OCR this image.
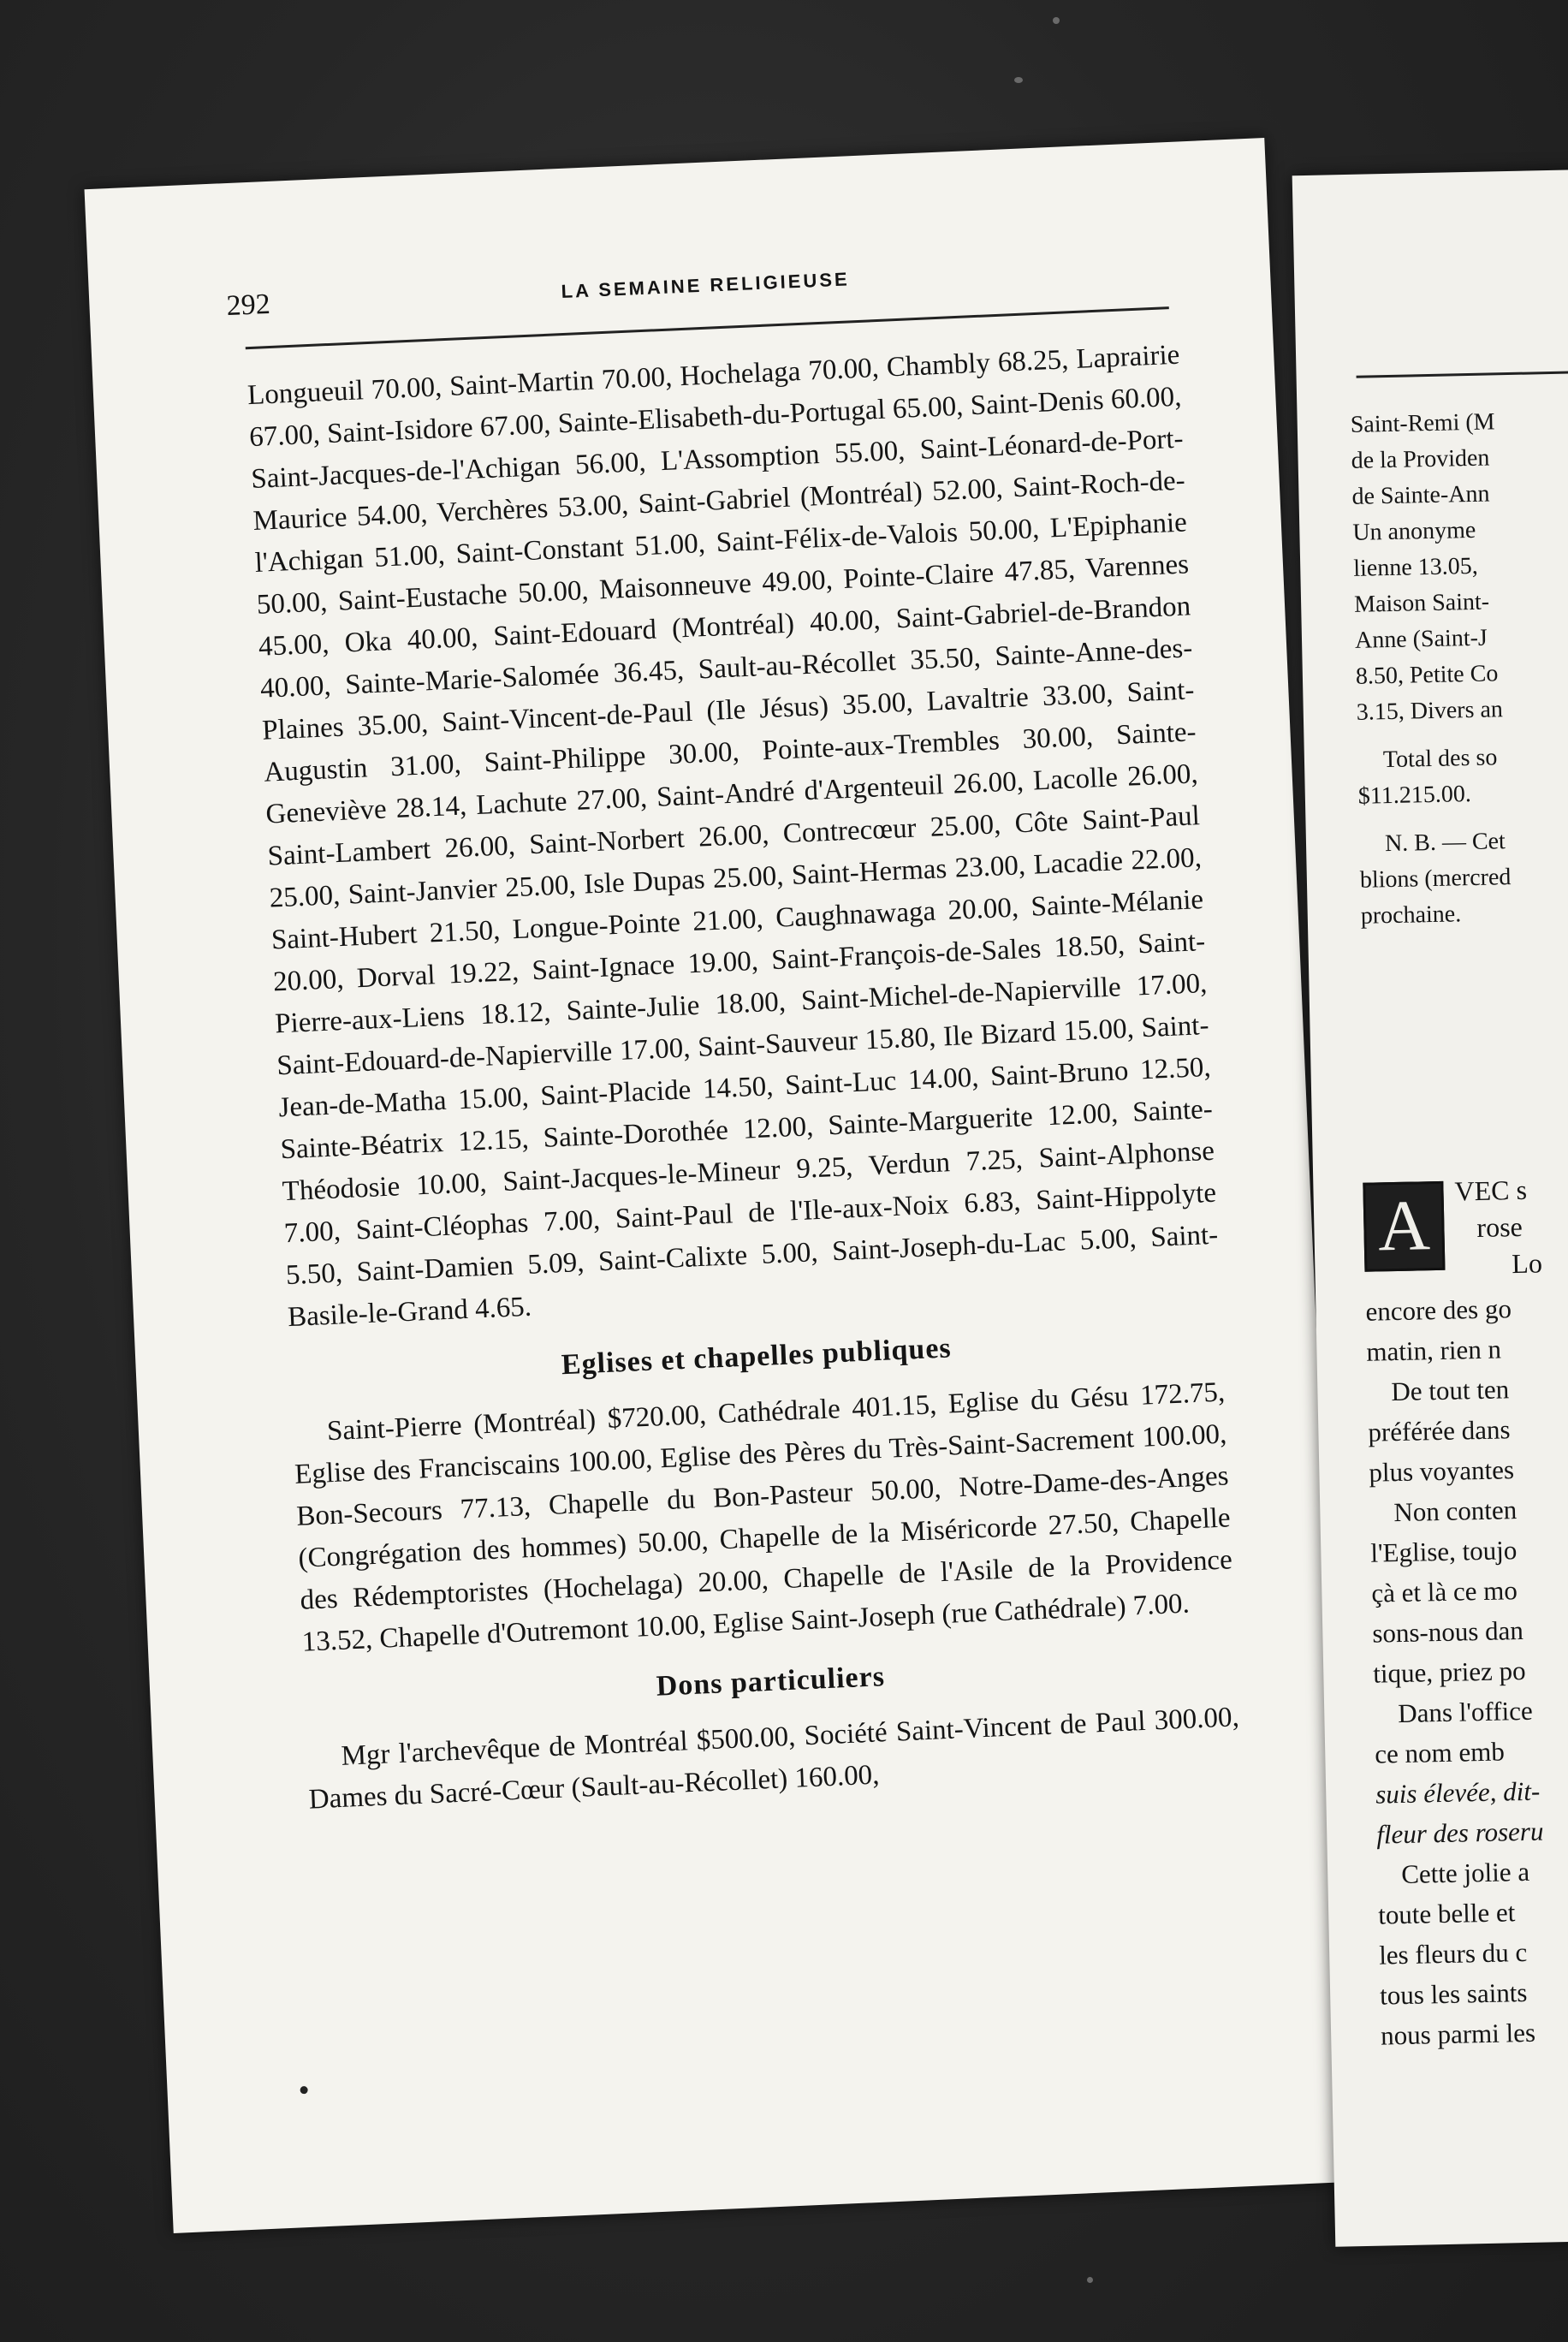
292
LA SEMAINE RELIGIEUSE

Longueuil 70.00, Saint-Martin 70.00, Hochelaga 70.00, Chambly 68.25, Laprairie 67.00, Saint-Isidore 67.00, Sainte-Elisabeth-du-Portugal 65.00, Saint-Denis 60.00, Saint-Jacques-de-l'Achigan 56.00, L'Assomption 55.00, Saint-Léonard-de-Port-Maurice 54.00, Verchères 53.00, Saint-Gabriel (Montréal) 52.00, Saint-Roch-de-l'Achigan 51.00, Saint-Constant 51.00, Saint-Félix-de-Valois 50.00, L'Epiphanie 50.00, Saint-Eustache 50.00, Maisonneuve 49.00, Pointe-Claire 47.85, Varennes 45.00, Oka 40.00, Saint-Edouard (Montréal) 40.00, Saint-Gabriel-de-Brandon 40.00, Sainte-Marie-Salomée 36.45, Sault-au-Récollet 35.50, Sainte-Anne-des-Plaines 35.00, Saint-Vincent-de-Paul (Ile Jésus) 35.00, Lavaltrie 33.00, Saint-Augustin 31.00, Saint-Philippe 30.00, Pointe-aux-Trembles 30.00, Sainte-Geneviève 28.14, Lachute 27.00, Saint-André d'Argenteuil 26.00, Lacolle 26.00, Saint-Lambert 26.00, Saint-Norbert 26.00, Contrecœur 25.00, Côte Saint-Paul 25.00, Saint-Janvier 25.00, Isle Dupas 25.00, Saint-Hermas 23.00, Lacadie 22.00, Saint-Hubert 21.50, Longue-Pointe 21.00, Caughnawaga 20.00, Sainte-Mélanie 20.00, Dorval 19.22, Saint-Ignace 19.00, Saint-François-de-Sales 18.50, Saint-Pierre-aux-Liens 18.12, Sainte-Julie 18.00, Saint-Michel-de-Napierville 17.00, Saint-Edouard-de-Napierville 17.00, Saint-Sauveur 15.80, Ile Bizard 15.00, Saint-Jean-de-Matha 15.00, Saint-Placide 14.50, Saint-Luc 14.00, Saint-Bruno 12.50, Sainte-Béatrix 12.15, Sainte-Dorothée 12.00, Sainte-Marguerite 12.00, Sainte-Théodosie 10.00, Saint-Jacques-le-Mineur 9.25, Verdun 7.25, Saint-Alphonse 7.00, Saint-Cléophas 7.00, Saint-Paul de l'Ile-aux-Noix 6.83, Saint-Hippolyte 5.50, Saint-Damien 5.09, Saint-Calixte 5.00, Saint-Joseph-du-Lac 5.00, Saint-Basile-le-Grand 4.65.

Eglises et chapelles publiques

Saint-Pierre (Montréal) $720.00, Cathédrale 401.15, Eglise du Gésu 172.75, Eglise des Franciscains 100.00, Eglise des Pères du Très-Saint-Sacrement 100.00, Bon-Secours 77.13, Chapelle du Bon-Pasteur 50.00, Notre-Dame-des-Anges (Congrégation des hommes) 50.00, Chapelle de la Miséricorde 27.50, Chapelle des Rédemptoristes (Hochelaga) 20.00, Chapelle de l'Asile de la Providence 13.52, Chapelle d'Outremont 10.00, Eglise Saint-Joseph (rue Cathédrale) 7.00.

Dons particuliers

Mgr l'archevêque de Montréal $500.00, Société Saint-Vincent de Paul 300.00, Dames du Sacré-Cœur (Sault-au-Récollet) 160.00,

Saint-Remi (M
de la Providen
de Sainte-Ann
Un anonyme
lienne 13.05,
Maison Saint-
Anne (Saint-J
8.50, Petite Co
3.15, Divers an
Total des so
$11.215.00.
N. B. — Cet
blions (mercred
prochaine.
A VEC s
rose
Lo
encore des go
matin, rien n
De tout ten
préférée dans
plus voyantes
Non conten
l'Eglise, toujo
çà et là ce mo
sons-nous dan
tique, priez po
Dans l'office
ce nom emb
suis élevée, dit-
fleur des roseru
Cette jolie a
toute belle et
les fleurs du c
tous les saints
nous parmi les
